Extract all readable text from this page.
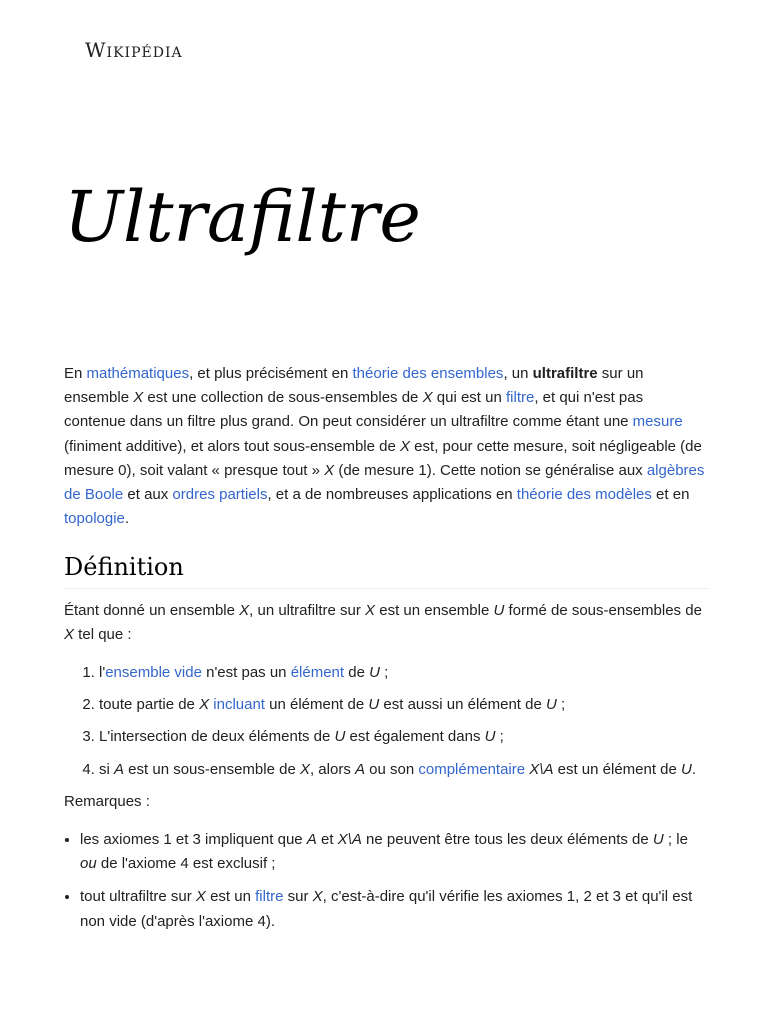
Wikipédia
Ultrafiltre

En mathématiques, et plus précisément en théorie des ensembles, un ultrafiltre sur un ensemble X est une collection de sous-ensembles de X qui est un filtre, et qui n'est pas contenue dans un filtre plus grand. On peut considérer un ultrafiltre comme étant une mesure (finiment additive), et alors tout sous-ensemble de X est, pour cette mesure, soit négligeable (de mesure 0), soit valant « presque tout » X (de mesure 1). Cette notion se généralise aux algèbres de Boole et aux ordres partiels, et a de nombreuses applications en théorie des modèles et en topologie.

Définition

Étant donné un ensemble X, un ultrafiltre sur X est un ensemble U formé de sous-ensembles de X tel que :

1. l'ensemble vide n'est pas un élément de U ;
2. toute partie de X incluant un élément de U est aussi un élément de U ;
3. L'intersection de deux éléments de U est également dans U ;
4. si A est un sous-ensemble de X, alors A ou son complémentaire X\A est un élément de U.

Remarques :

• les axiomes 1 et 3 impliquent que A et X\A ne peuvent être tous les deux éléments de U ; le ou de l'axiome 4 est exclusif ;
• tout ultrafiltre sur X est un filtre sur X, c'est-à-dire qu'il vérifie les axiomes 1, 2 et 3 et qu'il est non vide (d'après l'axiome 4).
